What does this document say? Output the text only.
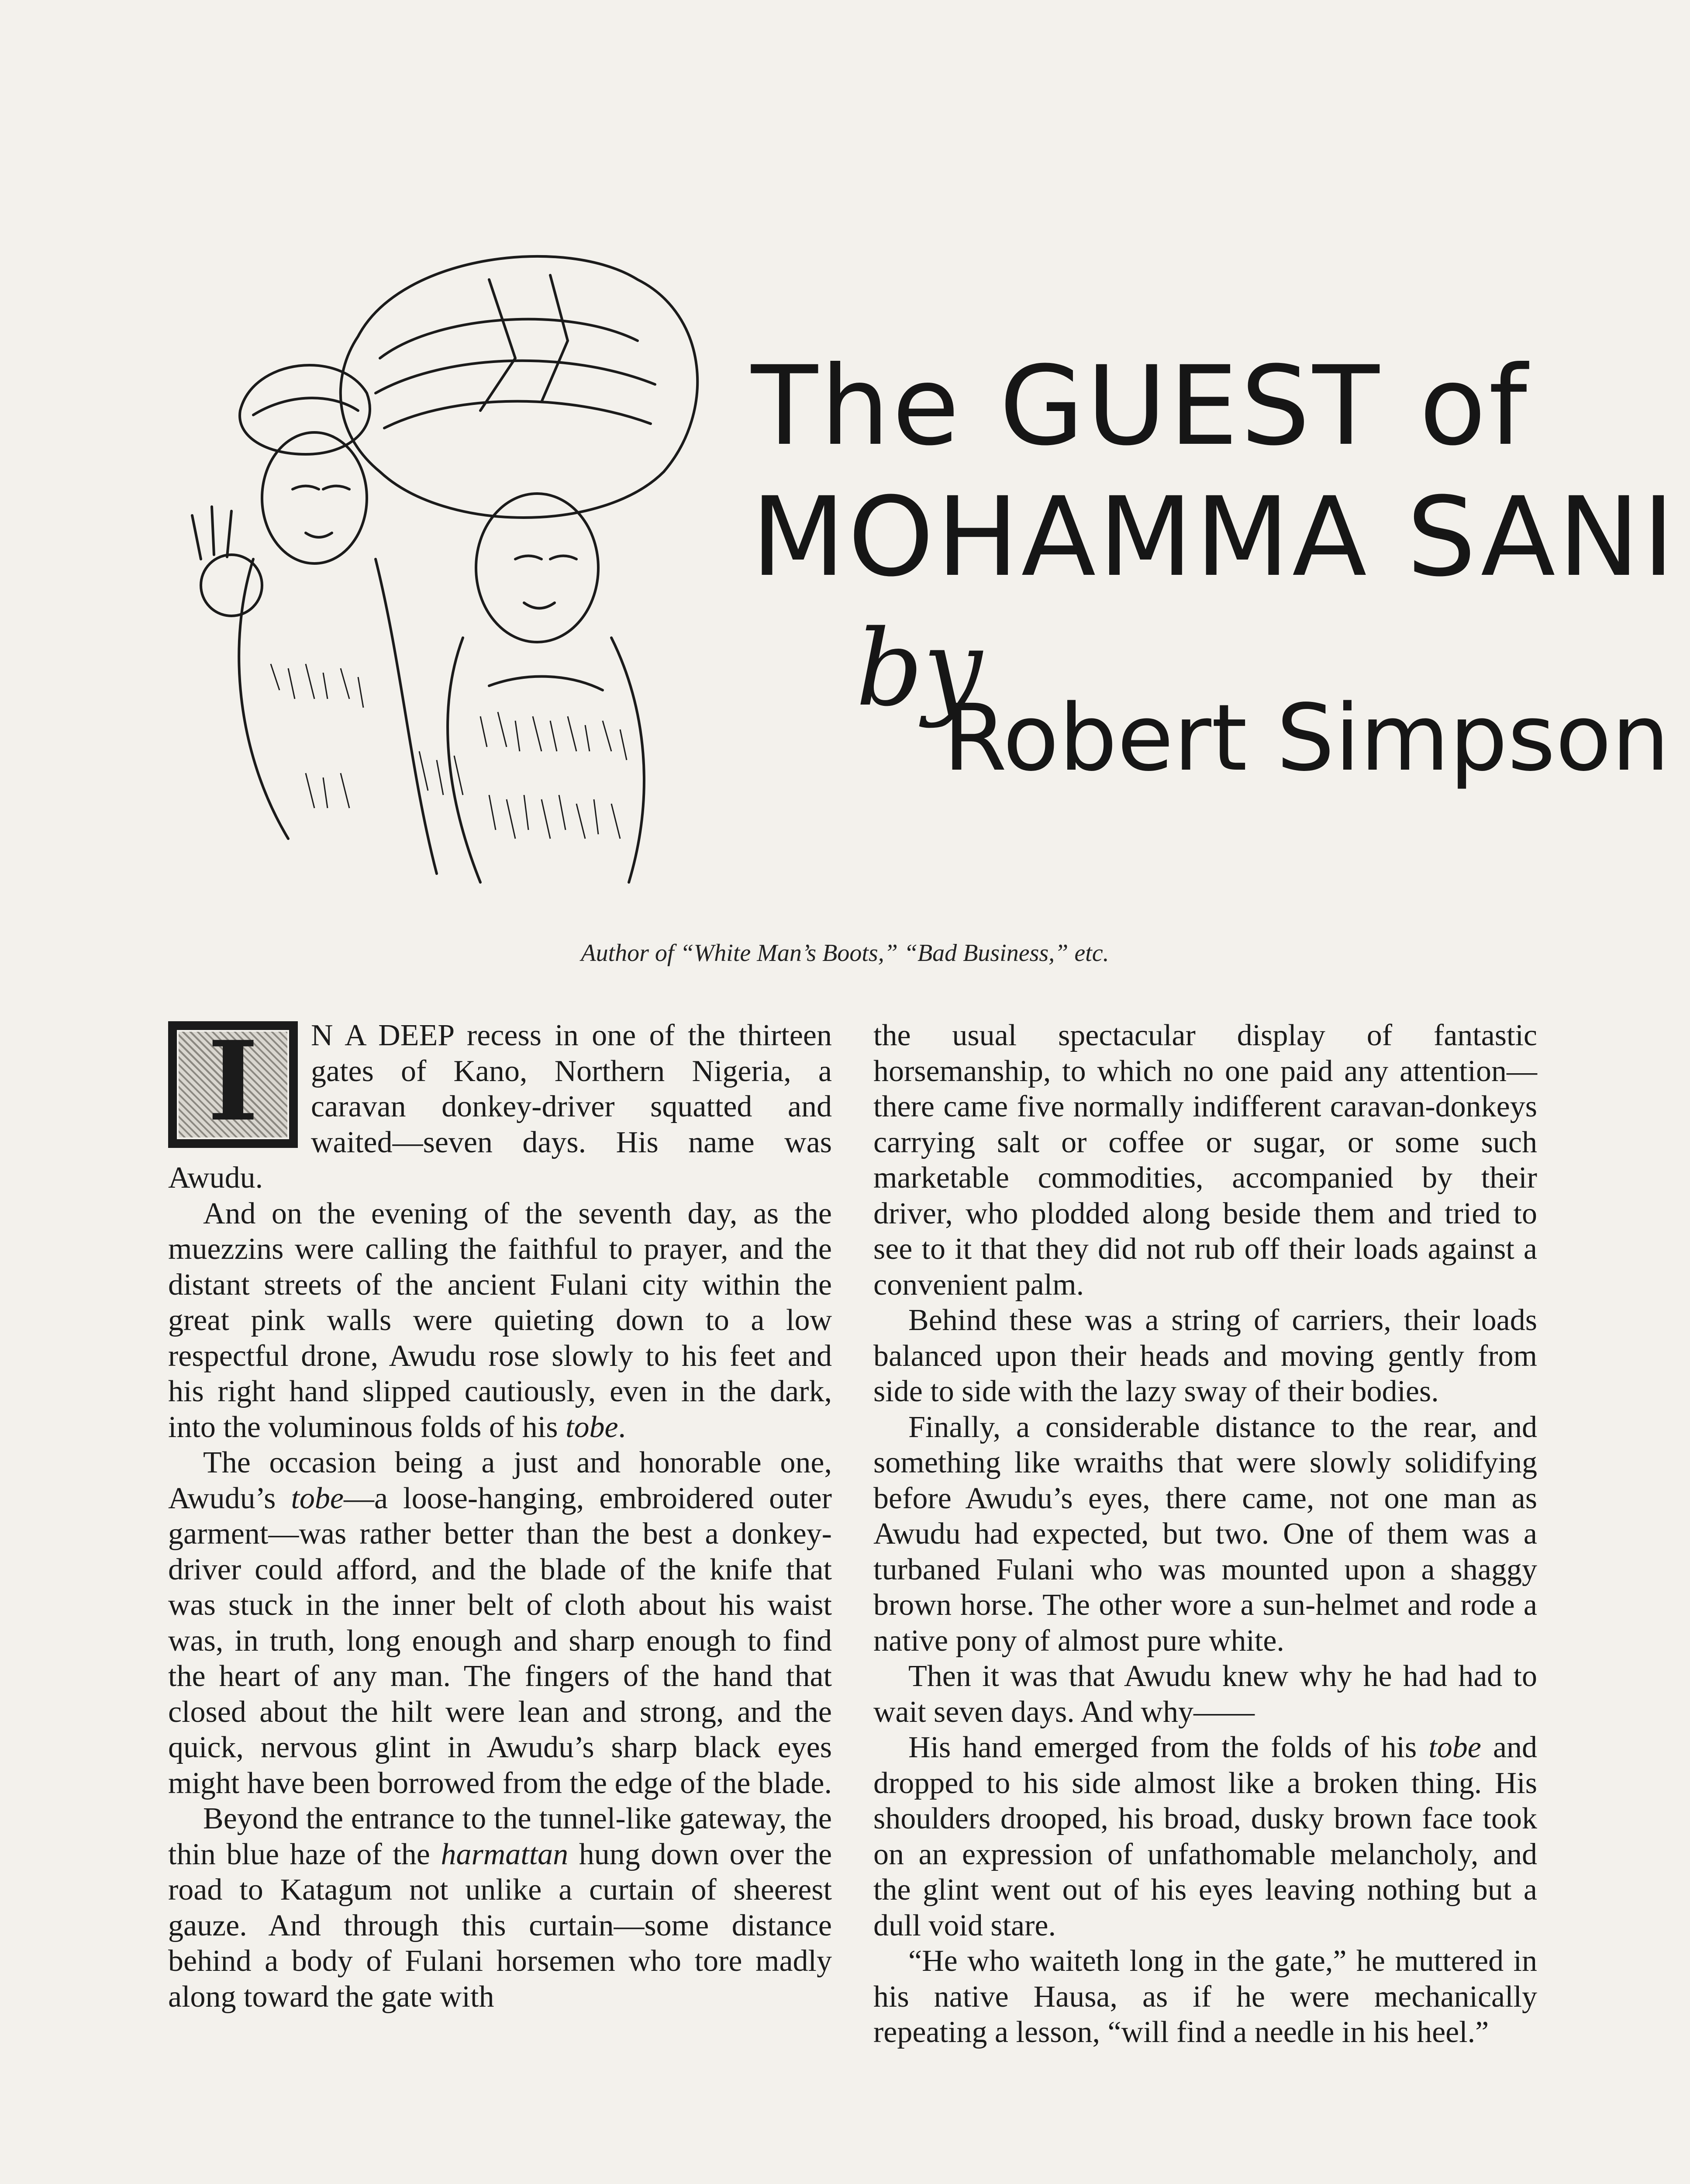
The GUEST of
MOHAMMA SANI
by
Robert Simpson
Author of “White Man’s Boots,” “Bad Business,” etc.

I	N A DEEP recess in one of the thirteen gates of Kano, Northern Nigeria, a caravan donkey-driver squatted and waited—seven days. His name was Awudu.

And on the evening of the seventh day, as the muezzins were calling the faithful to prayer, and the distant streets of the ancient Fulani city within the great pink walls were quieting down to a low respectful drone, Awudu rose slowly to his feet and his right hand slipped cautiously, even in the dark, into the voluminous folds of his tobe.

The occasion being a just and honorable one, Awudu’s tobe—a loose-hanging, embroidered outer garment—was rather better than the best a donkey-driver could afford, and the blade of the knife that was stuck in the inner belt of cloth about his waist was, in truth, long enough and sharp enough to find the heart of any man. The fingers of the hand that closed about the hilt were lean and strong, and the quick, nervous glint in Awudu’s sharp black eyes might have been borrowed from the edge of the blade.

Beyond the entrance to the tunnel-like gateway, the thin blue haze of the harmattan hung down over the road to Katagum not unlike a curtain of sheerest gauze. And through this curtain—some distance behind a body of Fulani horsemen who tore madly along toward the gate with

the usual spectacular display of fantastic horsemanship, to which no one paid any attention—there came five normally indifferent caravan-donkeys carrying salt or coffee or sugar, or some such marketable commodities, accompanied by their driver, who plodded along beside them and tried to see to it that they did not rub off their loads against a convenient palm.

Behind these was a string of carriers, their loads balanced upon their heads and moving gently from side to side with the lazy sway of their bodies.

Finally, a considerable distance to the rear, and something like wraiths that were slowly solidifying before Awudu’s eyes, there came, not one man as Awudu had expected, but two. One of them was a turbaned Fulani who was mounted upon a shaggy brown horse. The other wore a sun-helmet and rode a native pony of almost pure white.

Then it was that Awudu knew why he had had to wait seven days. And why——

His hand emerged from the folds of his tobe and dropped to his side almost like a broken thing. His shoulders drooped, his broad, dusky brown face took on an expression of unfathomable melancholy, and the glint went out of his eyes leaving nothing but a dull void stare.

“He who waiteth long in the gate,” he muttered in his native Hausa, as if he were mechanically repeating a lesson, “will find a needle in his heel.”
